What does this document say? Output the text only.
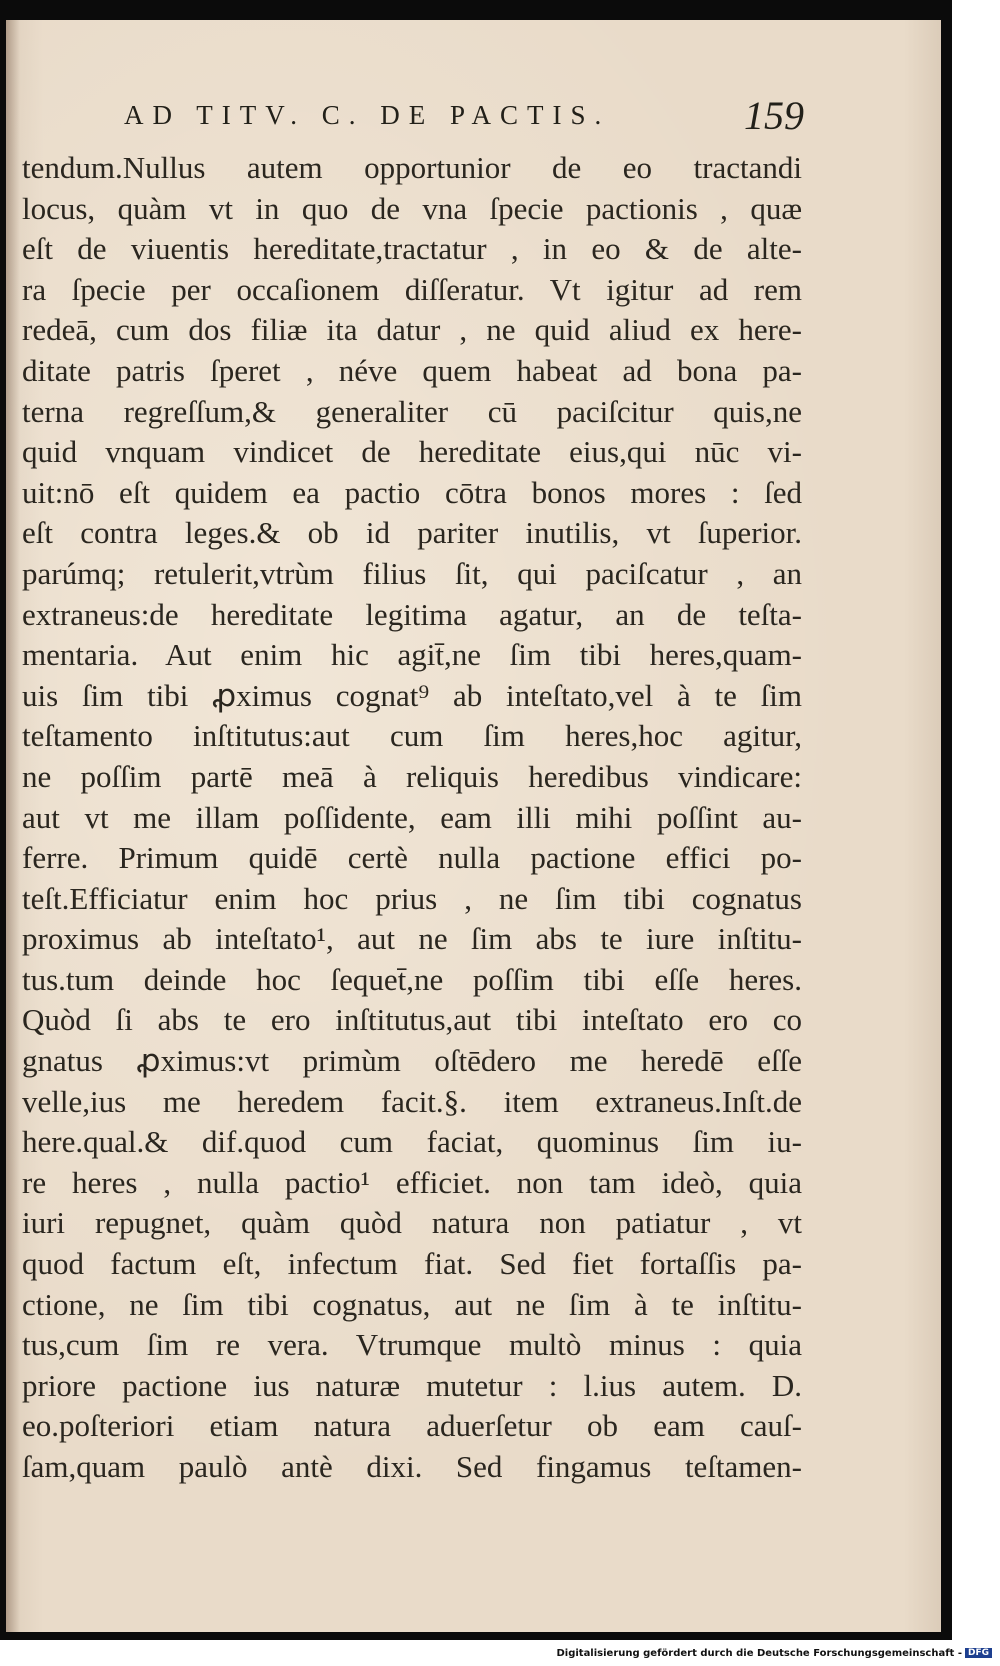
AD TITV. C. DE PACTIS.	159
tendum.Nullus autem opportunior de eo tractandi
locus, quàm vt in quo de vna ſpecie pactionis , quæ
eſt de viuentis hereditate,tractatur , in eo & de alte-
ra ſpecie per occaſionem diſſeratur. Vt igitur ad rem
redeā, cum dos filiæ ita datur , ne quid aliud ex here-
ditate patris ſperet , néve quem habeat ad bona pa-
terna regreſſum,& generaliter cū paciſcitur quis,ne
quid vnquam vindicet de hereditate eius,qui nūc vi-
uit:nō eſt quidem ea pactio cōtra bonos mores : ſed
eſt contra leges.& ob id pariter inutilis, vt ſuperior.
parúmq; retulerit,vtrùm filius ſit, qui paciſcatur , an
extraneus:de hereditate legitima agatur, an de teſta-
mentaria. Aut enim hic agit̄,ne ſim tibi heres,quam-
uis ſim tibi ꝓximus cognat⁹ ab inteſtato,vel à te ſim
teſtamento inſtitutus:aut cum ſim heres,hoc agitur,
ne poſſim partē meā à reliquis heredibus vindicare:
aut vt me illam poſſidente, eam illi mihi poſſint au-
ferre. Primum quidē certè nulla pactione effici po-
teſt.Efficiatur enim hoc prius , ne ſim tibi cognatus
proximus ab inteſtato¹, aut ne ſim abs te iure inſtitu-
tus.tum deinde hoc ſequet̄,ne poſſim tibi eſſe heres.
Quòd ſi abs te ero inſtitutus,aut tibi inteſtato ero co
gnatus ꝓximus:vt primùm oſtēdero me heredē eſſe
velle,ius me heredem facit.§. item extraneus.Inſt.de
here.qual.& dif.quod cum faciat, quominus ſim iu-
re heres , nulla pactio¹ efficiet. non tam ideò, quia
iuri repugnet, quàm quòd natura non patiatur , vt
quod factum eſt, infectum fiat. Sed fiet fortaſſis pa-
ctione, ne ſim tibi cognatus, aut ne ſim à te inſtitu-
tus,cum ſim re vera. Vtrumque multò minus : quia
priore pactione ius naturæ mutetur : l.ius autem. D.
eo.poſteriori etiam natura aduerſetur ob eam cauſ-
ſam,quam paulò antè dixi. Sed fingamus teſtamen-
Digitalisierung gefördert durch die Deutsche Forschungsgemeinschaft - DFG
